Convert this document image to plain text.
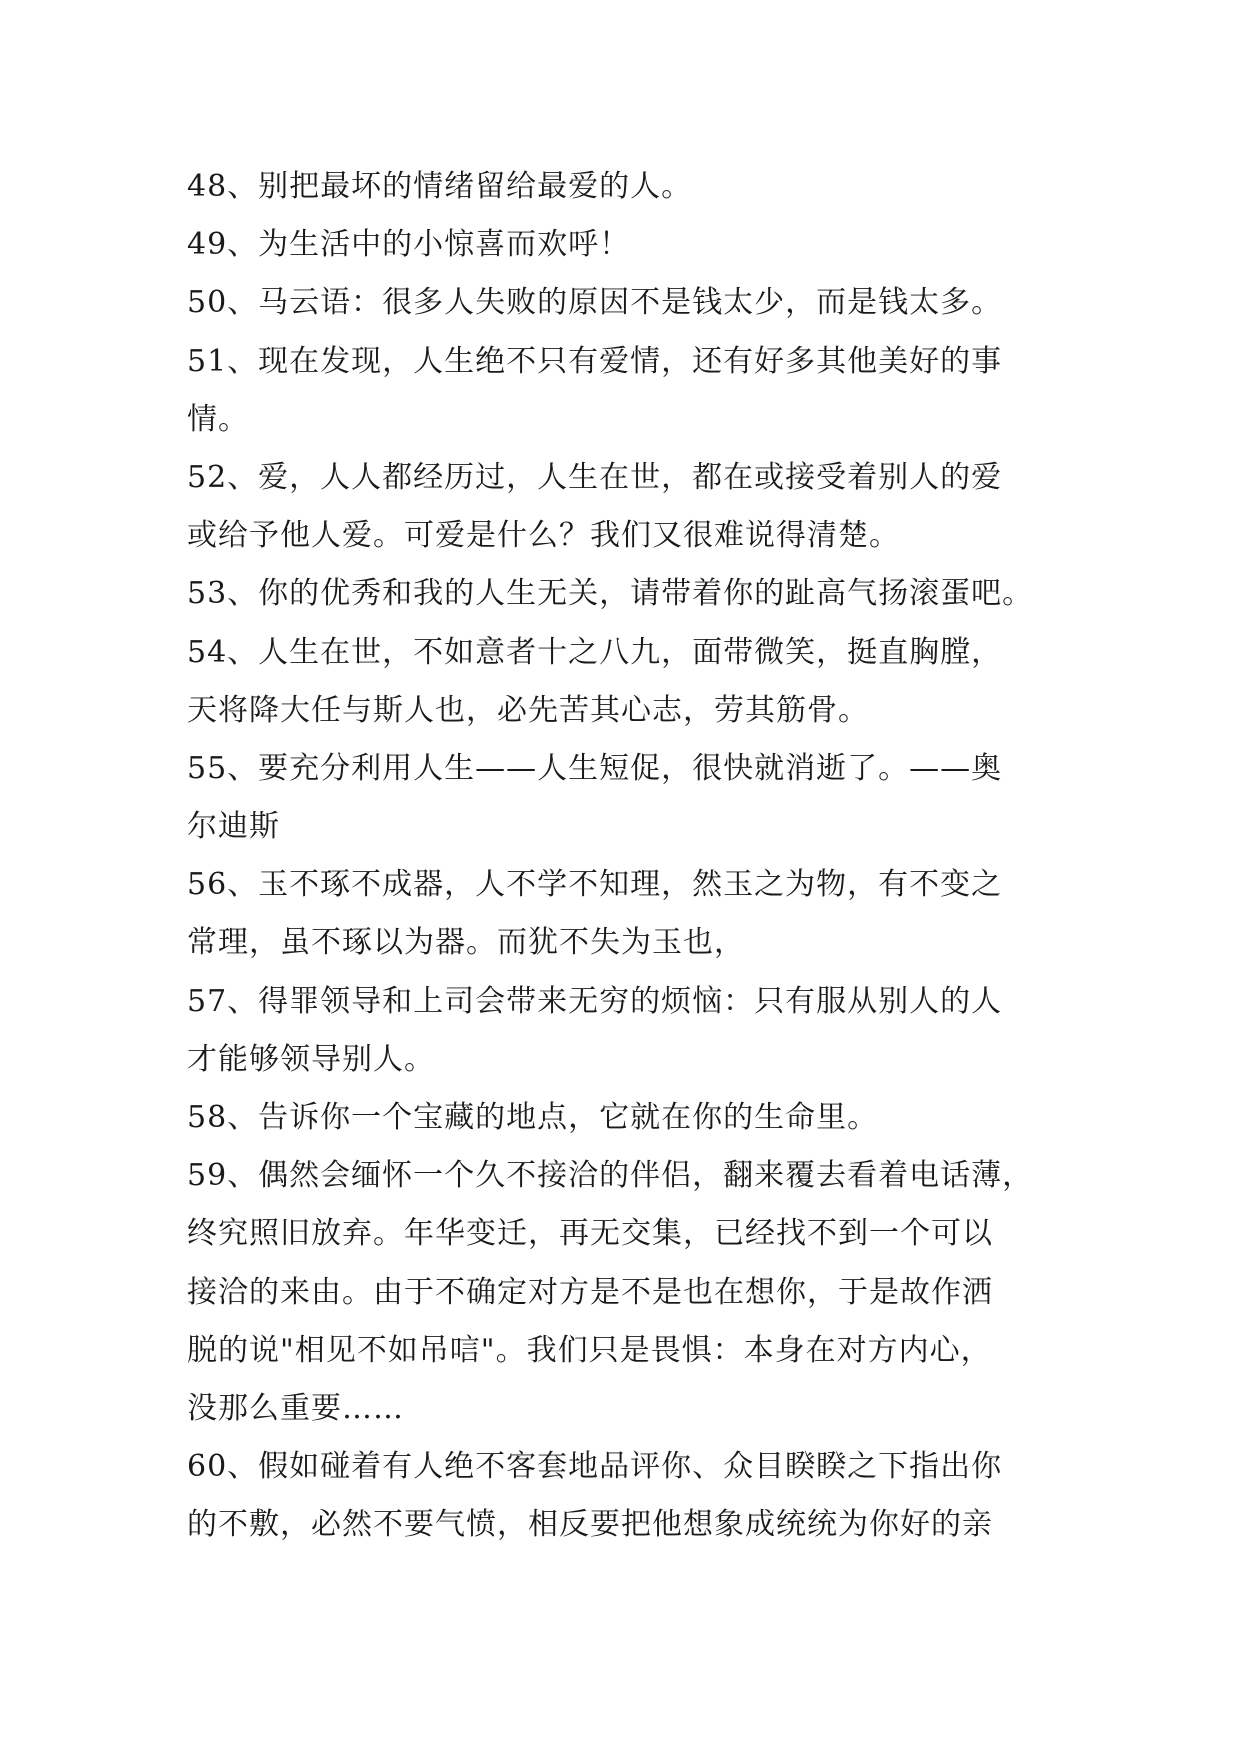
48、别把最坏的情绪留给最爱的人。
49、为生活中的小惊喜而欢呼！
50、马云语：很多人失败的原因不是钱太少，而是钱太多。
51、现在发现，人生绝不只有爱情，还有好多其他美好的事
情。
52、爱，人人都经历过，人生在世，都在或接受着别人的爱
或给予他人爱。可爱是什么？我们又很难说得清楚。
53、你的优秀和我的人生无关，请带着你的趾高气扬滚蛋吧。
54、人生在世，不如意者十之八九，面带微笑，挺直胸膛，
天将降大任与斯人也，必先苦其心志，劳其筋骨。
55、要充分利用人生——人生短促，很快就消逝了。——奥
尔迪斯
56、玉不琢不成器，人不学不知理，然玉之为物，有不变之
常理，虽不琢以为器。而犹不失为玉也，
57、得罪领导和上司会带来无穷的烦恼：只有服从别人的人
才能够领导别人。
58、告诉你一个宝藏的地点，它就在你的生命里。
59、偶然会缅怀一个久不接洽的伴侣，翻来覆去看着电话薄，
终究照旧放弃。年华变迁，再无交集，已经找不到一个可以
接洽的来由。由于不确定对方是不是也在想你，于是故作洒
脱的说"相见不如吊唁"。我们只是畏惧：本身在对方内心，
没那么重要……
60、假如碰着有人绝不客套地品评你、众目睽睽之下指出你
的不敷，必然不要气愤，相反要把他想象成统统为你好的亲
